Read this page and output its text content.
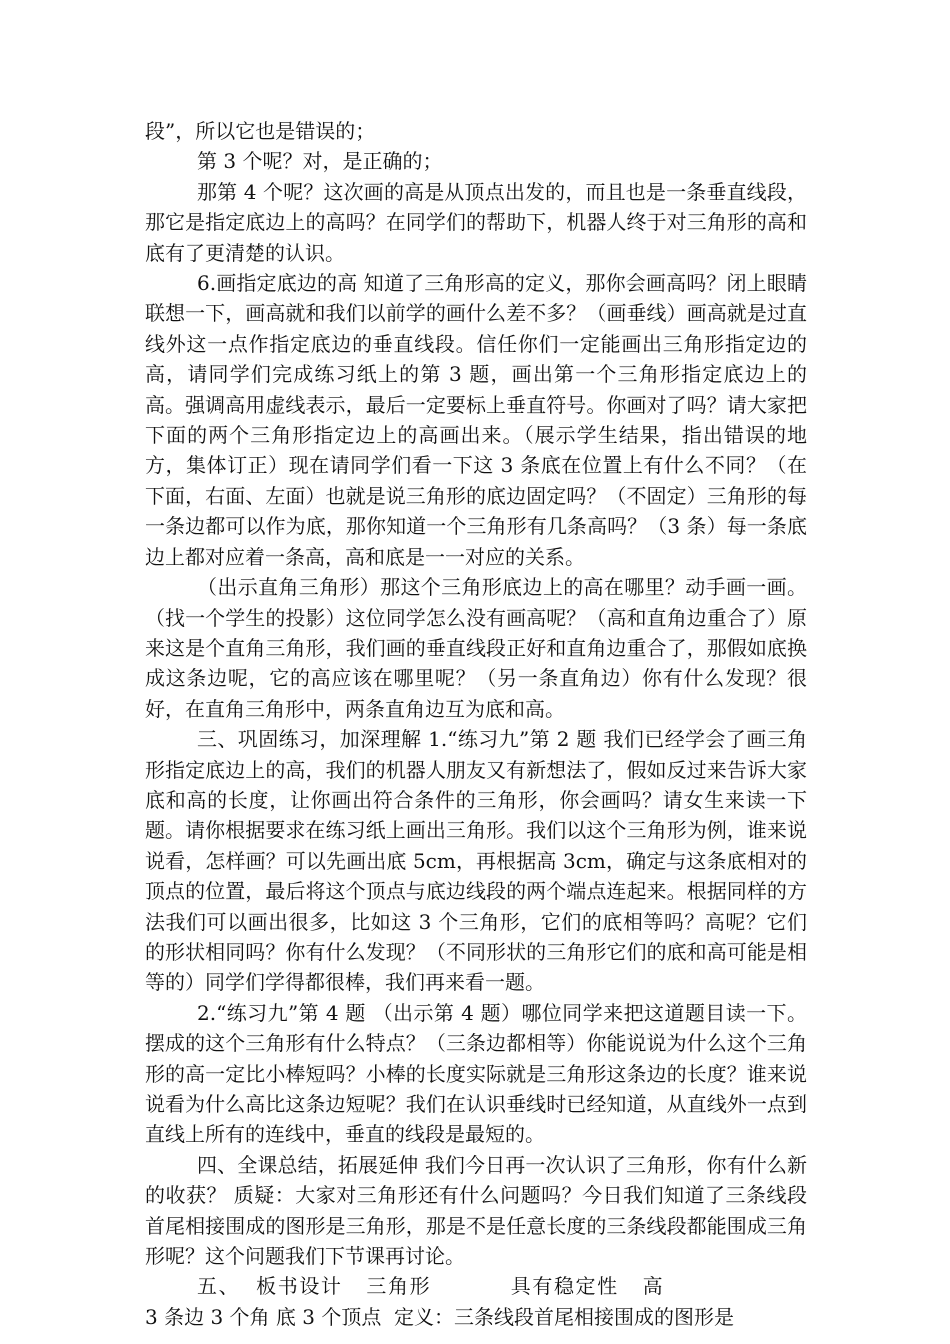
段”，所以它也是错误的；

第 3 个呢？对，是正确的；

那第 4 个呢？这次画的高是从顶点出发的，而且也是一条垂直线段，那它是指定底边上的高吗？在同学们的帮助下，机器人终于对三角形的高和底有了更清楚的认识。

6.画指定底边的高 知道了三角形高的定义，那你会画高吗？闭上眼睛联想一下，画高就和我们以前学的画什么差不多？（画垂线）画高就是过直线外这一点作指定底边的垂直线段。信任你们一定能画出三角形指定边的高，请同学们完成练习纸上的第 3 题，画出第一个三角形指定底边上的高。强调高用虚线表示，最后一定要标上垂直符号。你画对了吗？请大家把下面的两个三角形指定边上的高画出来。（展示学生结果，指出错误的地方，集体订正）现在请同学们看一下这 3 条底在位置上有什么不同？（在下面，右面、左面）也就是说三角形的底边固定吗？（不固定）三角形的每一条边都可以作为底，那你知道一个三角形有几条高吗？（3 条）每一条底边上都对应着一条高，高和底是一一对应的关系。

（出示直角三角形）那这个三角形底边上的高在哪里？动手画一画。（找一个学生的投影）这位同学怎么没有画高呢？（高和直角边重合了）原来这是个直角三角形，我们画的垂直线段正好和直角边重合了，那假如底换成这条边呢，它的高应该在哪里呢？（另一条直角边）你有什么发现？很好，在直角三角形中，两条直角边互为底和高。

三、巩固练习，加深理解 1.“练习九”第 2 题 我们已经学会了画三角形指定底边上的高，我们的机器人朋友又有新想法了，假如反过来告诉大家底和高的长度，让你画出符合条件的三角形，你会画吗？请女生来读一下题。请你根据要求在练习纸上画出三角形。我们以这个三角形为例，谁来说说看，怎样画？可以先画出底 5cm，再根据高 3cm，确定与这条底相对的顶点的位置，最后将这个顶点与底边线段的两个端点连起来。根据同样的方法我们可以画出很多，比如这 3 个三角形，它们的底相等吗？高呢？它们的形状相同吗？你有什么发现？（不同形状的三角形它们的底和高可能是相等的）同学们学得都很棒，我们再来看一题。

2.“练习九”第 4 题 （出示第 4 题）哪位同学来把这道题目读一下。摆成的这个三角形有什么特点？（三条边都相等）你能说说为什么这个三角形的高一定比小棒短吗？小棒的长度实际就是三角形这条边的长度？谁来说说看为什么高比这条边短呢？我们在认识垂线时已经知道，从直线外一点到直线上所有的连线中，垂直的线段是最短的。

四、全课总结，拓展延伸 我们今日再一次认识了三角形，你有什么新的收获？ 质疑：大家对三角形还有什么问题吗？今日我们知道了三条线段首尾相接围成的图形是三角形，那是不是任意长度的三条线段都能围成三角形呢？这个问题我们下节课再讨论。

五、  板书设计   三角形          具有稳定性   高
3 条边 3 个角 底 3 个顶点  定义：三条线段首尾相接围成的图形是
